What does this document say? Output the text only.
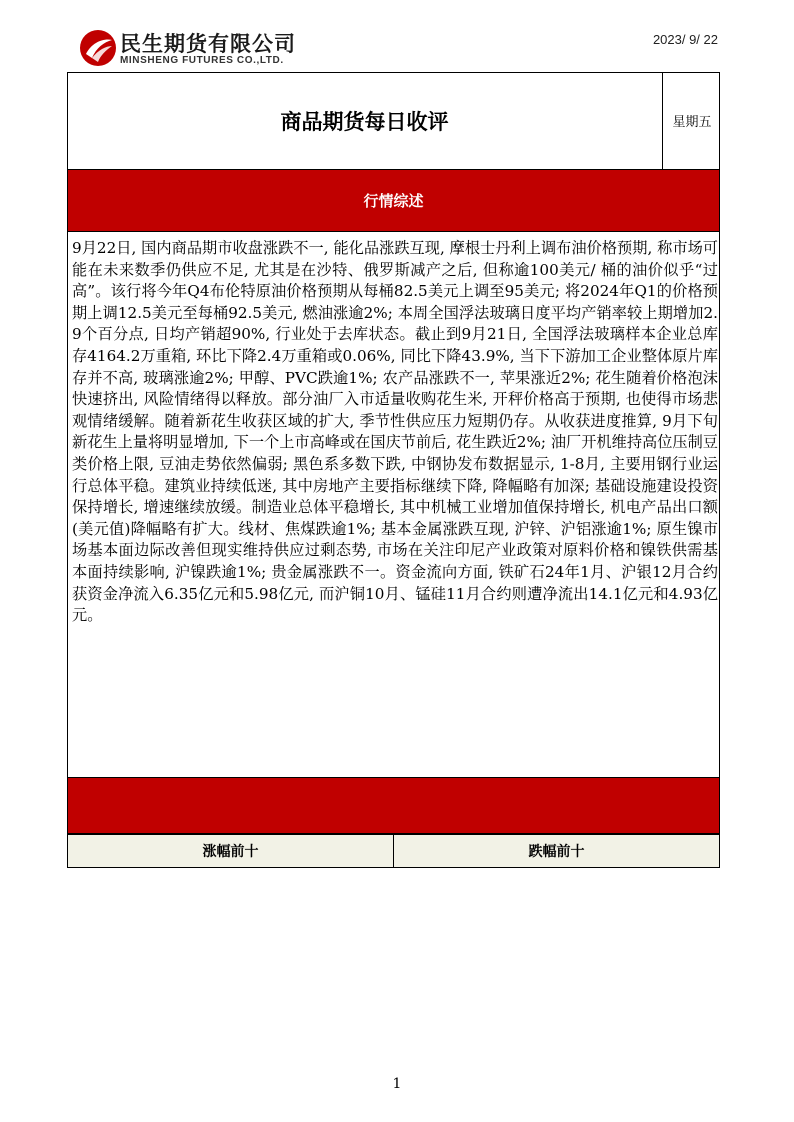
民生期货有限公司
MINSHENG FUTURES CO.,LTD.
2023/ 9/ 22
商品期货每日收评	星期五
行情综述
9月22日, 国内商品期市收盘涨跌不一, 能化品涨跌互现, 摩根士丹利上调布油价格预期, 称市场可能在未来数季仍供应不足, 尤其是在沙特、俄罗斯减产之后, 但称逾100美元/ 桶的油价似乎“过高”。该行将今年Q4布伦特原油价格预期从每桶82.5美元上调至95美元; 将2024年Q1的价格预期上调12.5美元至每桶92.5美元, 燃油涨逾2%; 本周全国浮法玻璃日度平均产销率较上期增加2.9个百分点, 日均产销超90%, 行业处于去库状态。截止到9月21日, 全国浮法玻璃样本企业总库存4164.2万重箱, 环比下降2.4万重箱或0.06%, 同比下降43.9%, 当下下游加工企业整体原片库存并不高, 玻璃涨逾2%; 甲醇、PVC跌逾1%; 农产品涨跌不一, 苹果涨近2%; 花生随着价格泡沫快速挤出, 风险情绪得以释放。部分油厂入市适量收购花生米, 开秤价格高于预期, 也使得市场悲观情绪缓解。随着新花生收获区域的扩大, 季节性供应压力短期仍存。从收获进度推算, 9月下旬新花生上量将明显增加, 下一个上市高峰或在国庆节前后, 花生跌近2%; 油厂开机维持高位压制豆类价格上限, 豆油走势依然偏弱; 黑色系多数下跌, 中钢协发布数据显示, 1-8月, 主要用钢行业运行总体平稳。建筑业持续低迷, 其中房地产主要指标继续下降, 降幅略有加深; 基础设施建设投资保持增长, 增速继续放缓。制造业总体平稳增长, 其中机械工业增加值保持增长, 机电产品出口额(美元值)降幅略有扩大。线材、焦煤跌逾1%; 基本金属涨跌互现, 沪锌、沪铝涨逾1%; 原生镍市场基本面边际改善但现实维持供应过剩态势, 市场在关注印尼产业政策对原料价格和镍铁供需基本面持续影响, 沪镍跌逾1%; 贵金属涨跌不一。资金流向方面, 铁矿石24年1月、沪银12月合约获资金净流入6.35亿元和5.98亿元, 而沪铜10月、锰硅11月合约则遭净流出14.1亿元和4.93亿元。
涨幅前十	跌幅前十
1
